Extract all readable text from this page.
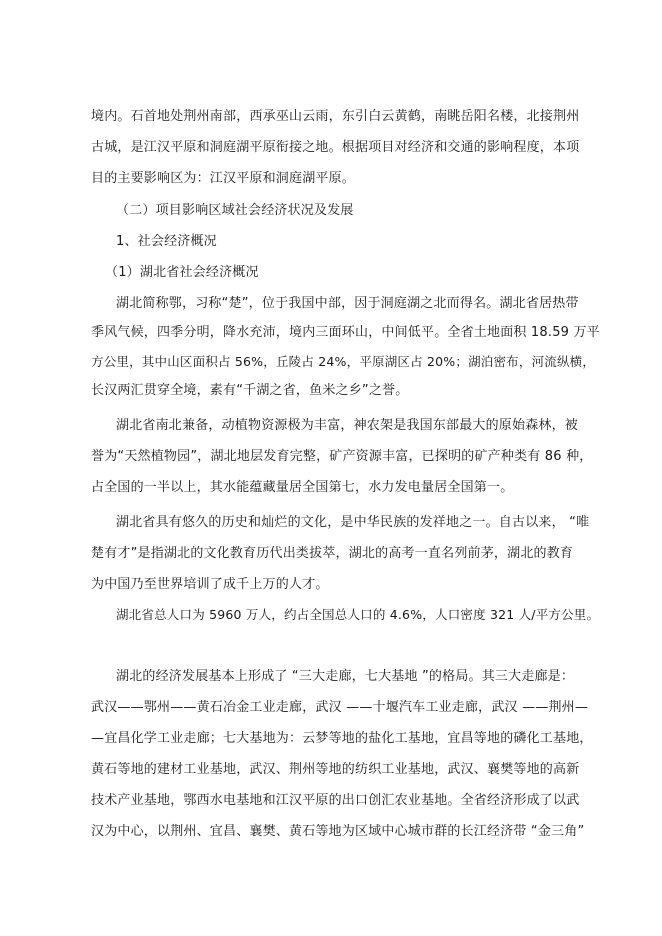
境内。石首地处荆州南部，西承巫山云雨，东引白云黄鹤，南眺岳阳名楼，北接荆州
古城，是江汉平原和洞庭湖平原衔接之地。根据项目对经济和交通的影响程度，本项
目的主要影响区为：江汉平原和洞庭湖平原。
（二）项目影响区域社会经济状况及发展
1、社会经济概况
（1）湖北省社会经济概况
湖北简称鄂，习称“楚”，位于我国中部，因于洞庭湖之北而得名。湖北省居热带
季风气候，四季分明，降水充沛，境内三面环山，中间低平。全省土地面积 18.59 万平
方公里，其中山区面积占 56%，丘陵占 24%，平原湖区占 20%；湖泊密布，河流纵横，
长汉两汇贯穿全境，素有“千湖之省，鱼米之乡”之誉。
湖北省南北兼备，动植物资源极为丰富，神农架是我国东部最大的原始森林，被
誉为“天然植物园”，湖北地层发育完整，矿产资源丰富，已探明的矿产种类有 86 种，
占全国的一半以上，其水能蕴藏量居全国第七，水力发电量居全国第一。
湖北省具有悠久的历史和灿烂的文化，是中华民族的发祥地之一。自古以来， “唯
楚有才”是指湖北的文化教育历代出类拔萃，湖北的高考一直名列前茅，湖北的教育
为中国乃至世界培训了成千上万的人才。
湖北省总人口为 5960 万人，约占全国总人口的 4.6%，人口密度 321 人/平方公里。
湖北的经济发展基本上形成了 “三大走廊，七大基地 ”的格局。其三大走廊是：
武汉——鄂州——黄石冶金工业走廊，武汉 ——十堰汽车工业走廊，武汉 ——荆州—
—宜昌化学工业走廊；七大基地为：云梦等地的盐化工基地，宜昌等地的磷化工基地，
黄石等地的建材工业基地，武汉、荆州等地的纺织工业基地，武汉、襄樊等地的高新
技术产业基地，鄂西水电基地和江汉平原的出口创汇农业基地。全省经济形成了以武
汉为中心，以荆州、宜昌、襄樊、黄石等地为区域中心城市群的长江经济带 “金三角”
